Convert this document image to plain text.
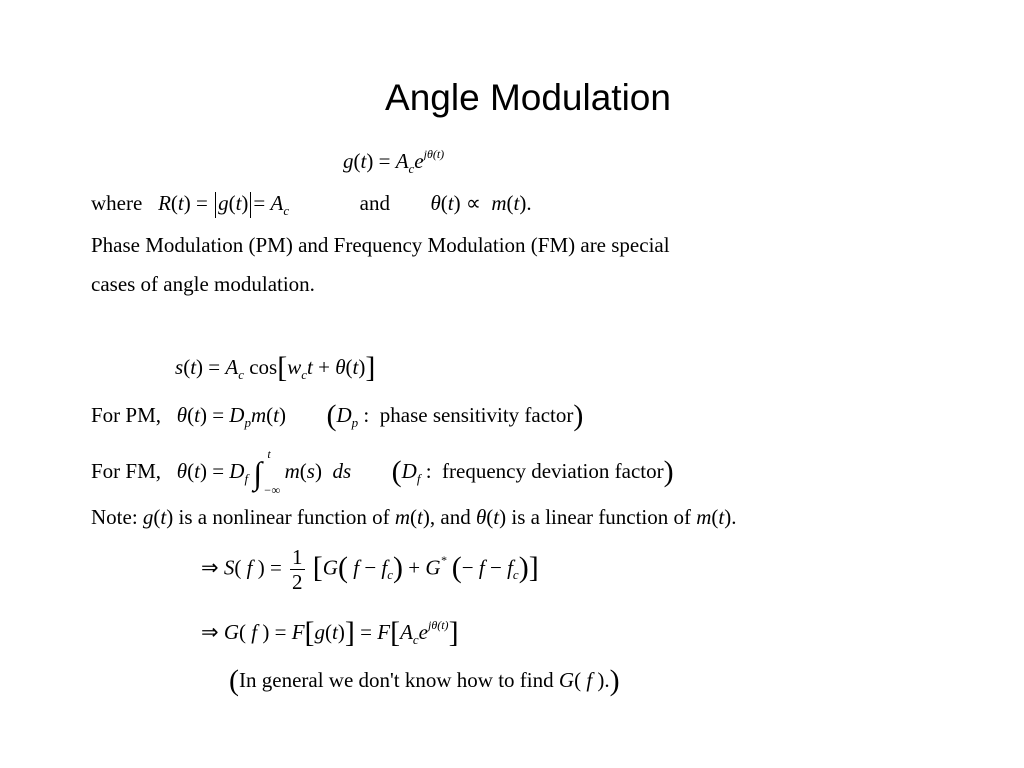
Angle Modulation
$g(t) = A_ce^{j\theta(t)}$
where $R(t) = g(t) = A_c$	and θ(t) ∝  m(t).
Phase Modulation (PM) and Frequency Modulation (FM) are special
cases of angle modulation.
$s(t) = A_c$ $\cos[w_ct + \theta(t)]$
For PM, $\theta(t) = D_pm(t)$  ($D_p$ :  phase sensitivity factor)
For FM, $\theta(t) = D_f$ ∫
t
−∞
m(s)  ds ($D_f$ :  frequency deviation factor)
Note: g(t) is a nonlinear function of m(t), and θ(t) is a linear function of m(t).
⇒ S( f ) = $\frac{1}{2} [G$( $f - f_c) + G^*$ (− $f - f_c$)]
⇒ G( f ) = $F[g(t)] = F[A_ce^{j\theta(t)}]$
(In general we don't know how to find G( f ).)
